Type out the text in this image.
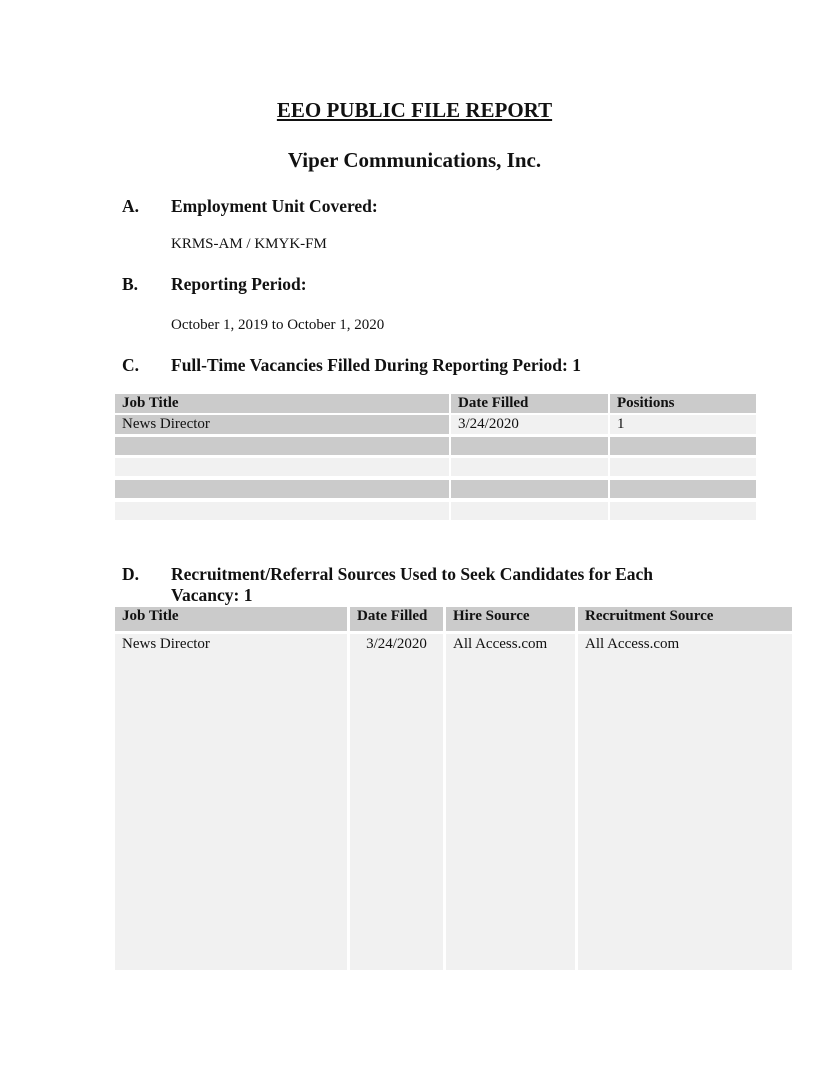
EEO PUBLIC FILE REPORT
Viper Communications, Inc.
A. Employment Unit Covered:
KRMS-AM / KMYK-FM
B. Reporting Period:
October 1, 2019 to October 1, 2020
C. Full-Time Vacancies Filled During Reporting Period: 1
Job Title	Date Filled	Positions
News Director	3/24/2020	1
D. Recruitment/Referral Sources Used to Seek Candidates for Each
Vacancy: 1
Job Title	Date Filled	Hire Source	Recruitment Source
News Director	3/24/2020	All Access.com	All Access.com
